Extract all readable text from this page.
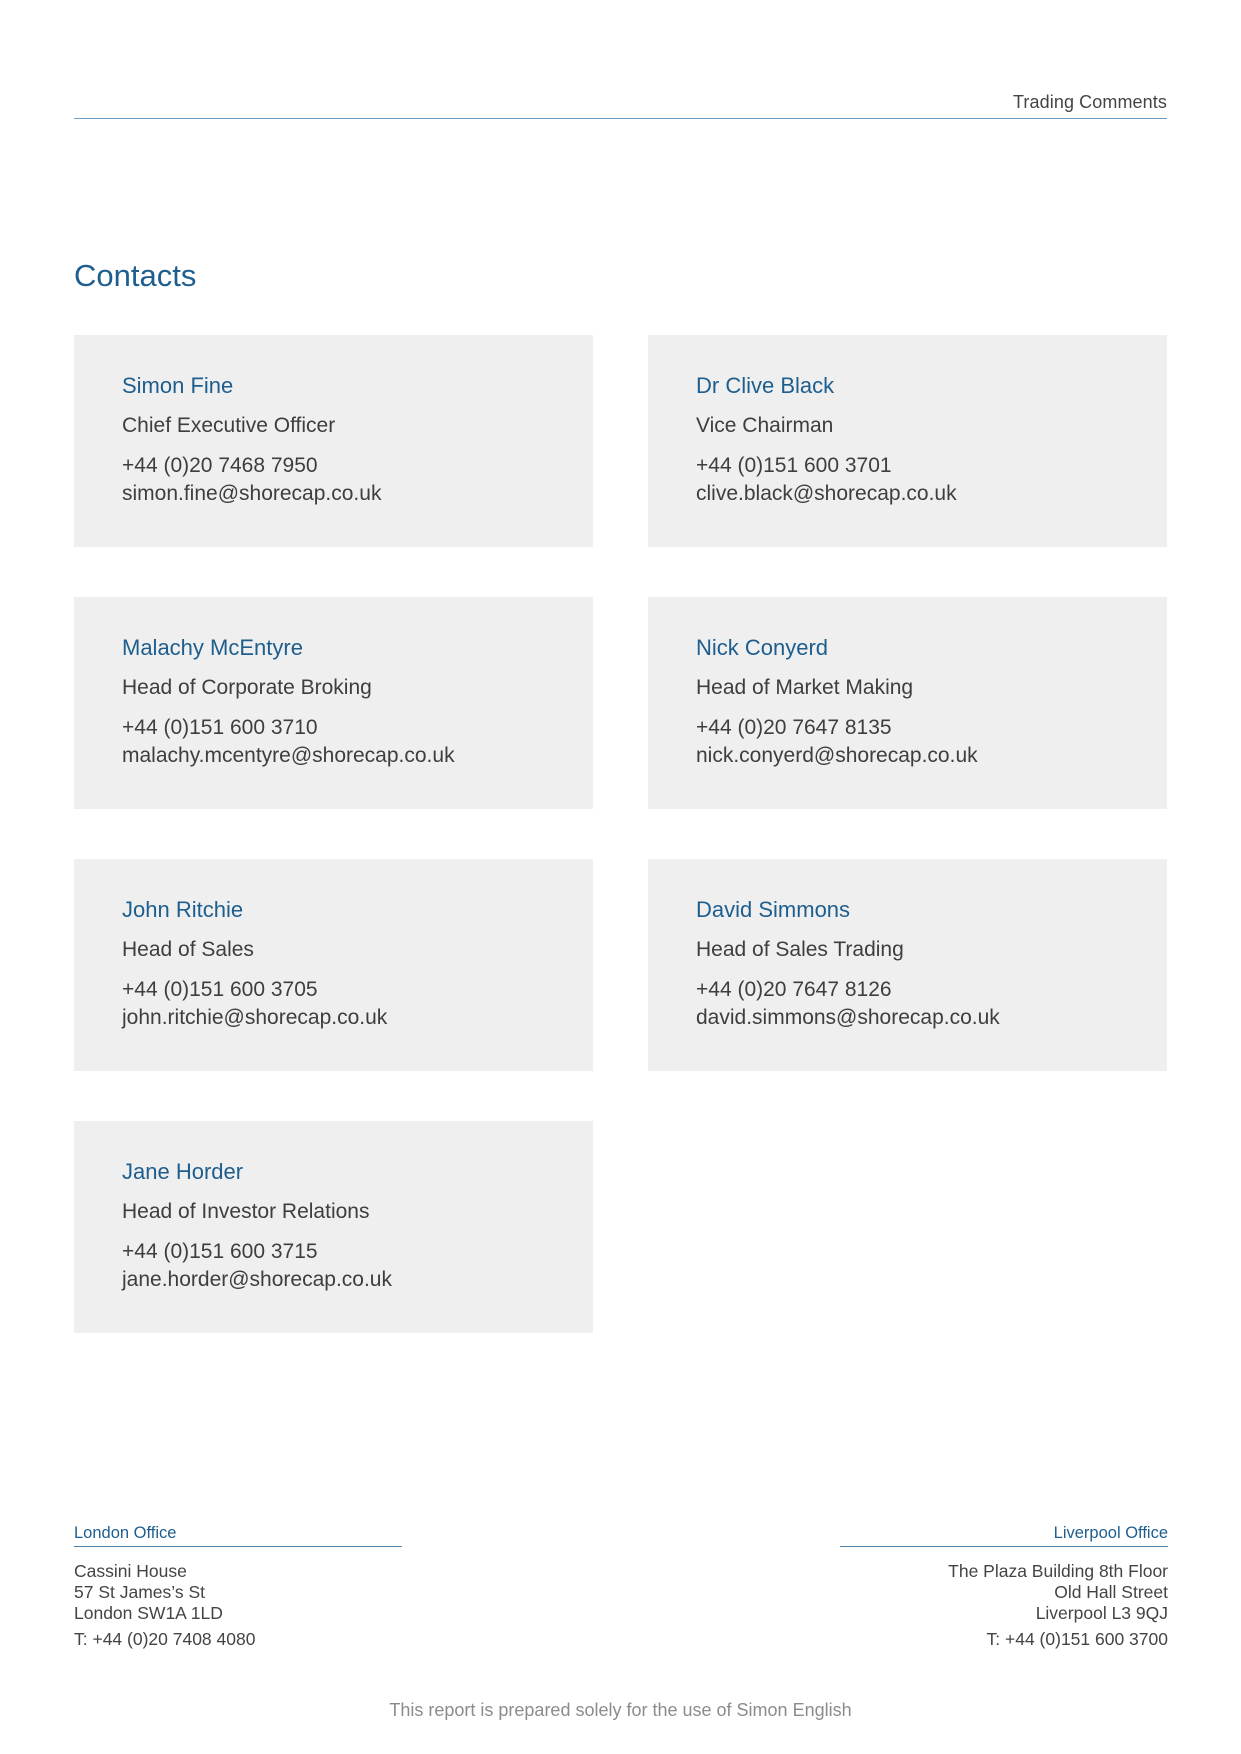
Trading Comments
Contacts
Simon Fine
Chief Executive Officer
+44 (0)20 7468 7950
simon.fine@shorecap.co.uk
Dr Clive Black
Vice Chairman
+44 (0)151 600 3701
clive.black@shorecap.co.uk
Malachy McEntyre
Head of Corporate Broking
+44 (0)151 600 3710
malachy.mcentyre@shorecap.co.uk
Nick Conyerd
Head of Market Making
+44 (0)20 7647 8135
nick.conyerd@shorecap.co.uk
John Ritchie
Head of Sales
+44 (0)151 600 3705
john.ritchie@shorecap.co.uk
David Simmons
Head of Sales Trading
+44 (0)20 7647 8126
david.simmons@shorecap.co.uk
Jane Horder
Head of Investor Relations
+44 (0)151 600 3715
jane.horder@shorecap.co.uk
London Office
Cassini House
57 St James’s St
London SW1A 1LD
T: +44 (0)20 7408 4080
Liverpool Office
The Plaza Building 8th Floor
Old Hall Street
Liverpool L3 9QJ
T: +44 (0)151 600 3700
This report is prepared solely for the use of Simon English
